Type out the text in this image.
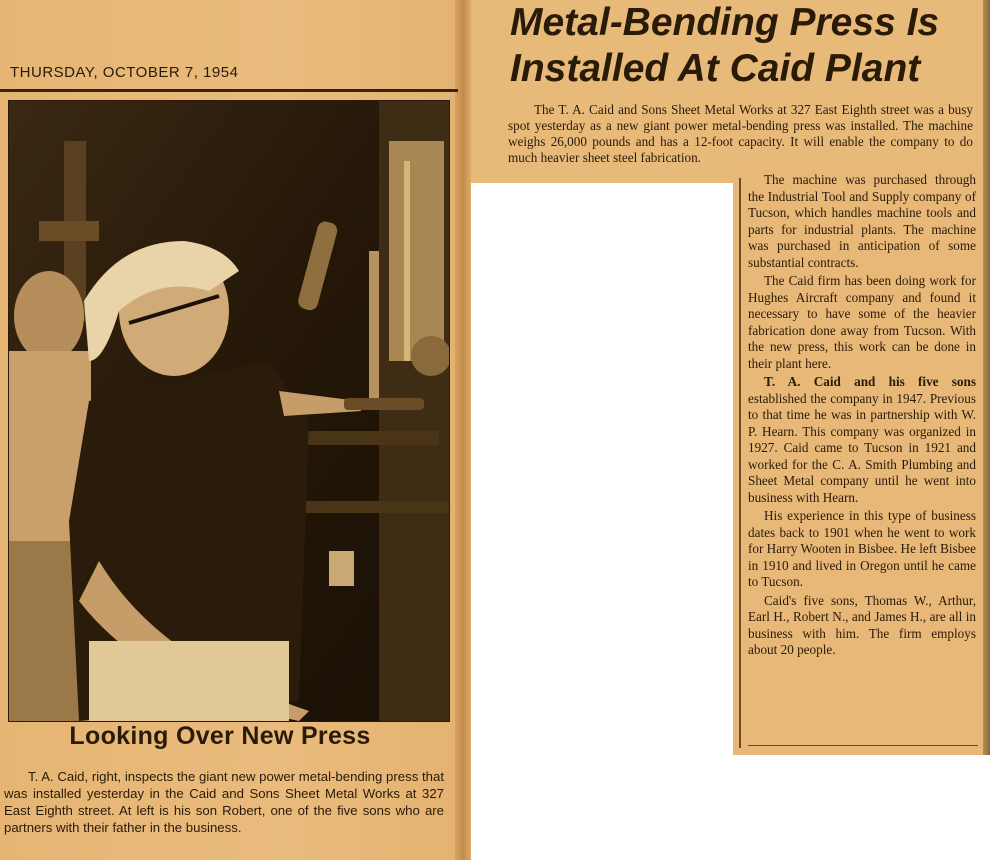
THURSDAY, OCTOBER 7, 1954
Looking Over New Press
T. A. Caid, right, inspects the giant new power metal-bending press that was installed yesterday in the Caid and Sons Sheet Metal Works at 327 East Eighth street. At left is his son Robert, one of the five sons who are partners with their father in the business.
Metal-Bending Press Is
Installed At Caid Plant
The T. A. Caid and Sons Sheet Metal Works at 327 East Eighth street was a busy spot yesterday as a new giant power metal-bending press was installed. The machine weighs 26,000 pounds and has a 12-foot capacity. It will enable the company to do much heavier sheet steel fabrication.

The machine was purchased through the Industrial Tool and Supply company of Tucson, which handles machine tools and parts for industrial plants. The machine was purchased in anticipation of some substantial contracts.

The Caid firm has been doing work for Hughes Aircraft company and found it necessary to have some of the heavier fabrication done away from Tucson. With the new press, this work can be done in their plant here.

T. A. Caid and his five sons established the company in 1947. Previous to that time he was in partnership with W. P. Hearn. This company was organized in 1927. Caid came to Tucson in 1921 and worked for the C. A. Smith Plumbing and Sheet Metal company until he went into business with Hearn.

His experience in this type of business dates back to 1901 when he went to work for Harry Wooten in Bisbee. He left Bisbee in 1910 and lived in Oregon until he came to Tucson.

Caid's five sons, Thomas W., Arthur, Earl H., Robert N., and James H., are all in business with him. The firm employs about 20 people.
